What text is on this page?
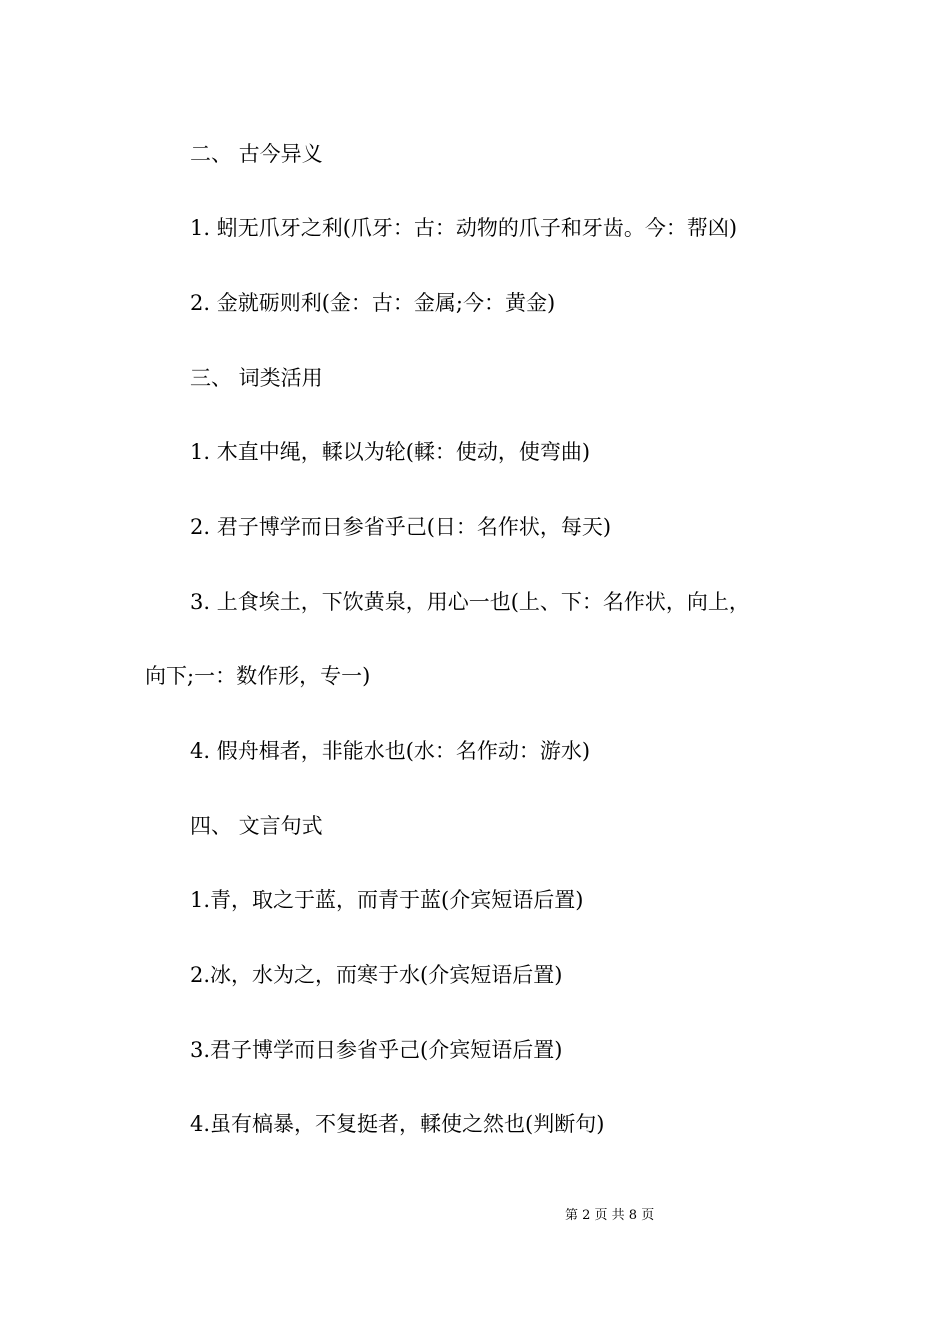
二、 古今异义
1. 蚓无爪牙之利(爪牙：古：动物的爪子和牙齿。今：帮凶)
2. 金就砺则利(金：古：金属;今：黄金)
三、 词类活用
1. 木直中绳，輮以为轮(輮：使动，使弯曲)
2. 君子博学而日参省乎己(日：名作状，每天)
3. 上食埃土，下饮黄泉，用心一也(上、下：名作状，向上，
向下;一：数作形，专一)
4. 假舟楫者，非能水也(水：名作动：游水)
四、 文言句式
1.青，取之于蓝，而青于蓝(介宾短语后置)
2.冰，水为之，而寒于水(介宾短语后置)
3.君子博学而日参省乎己(介宾短语后置)
4.虽有槁暴，不复挺者，輮使之然也(判断句)
第 2 页 共 8 页
